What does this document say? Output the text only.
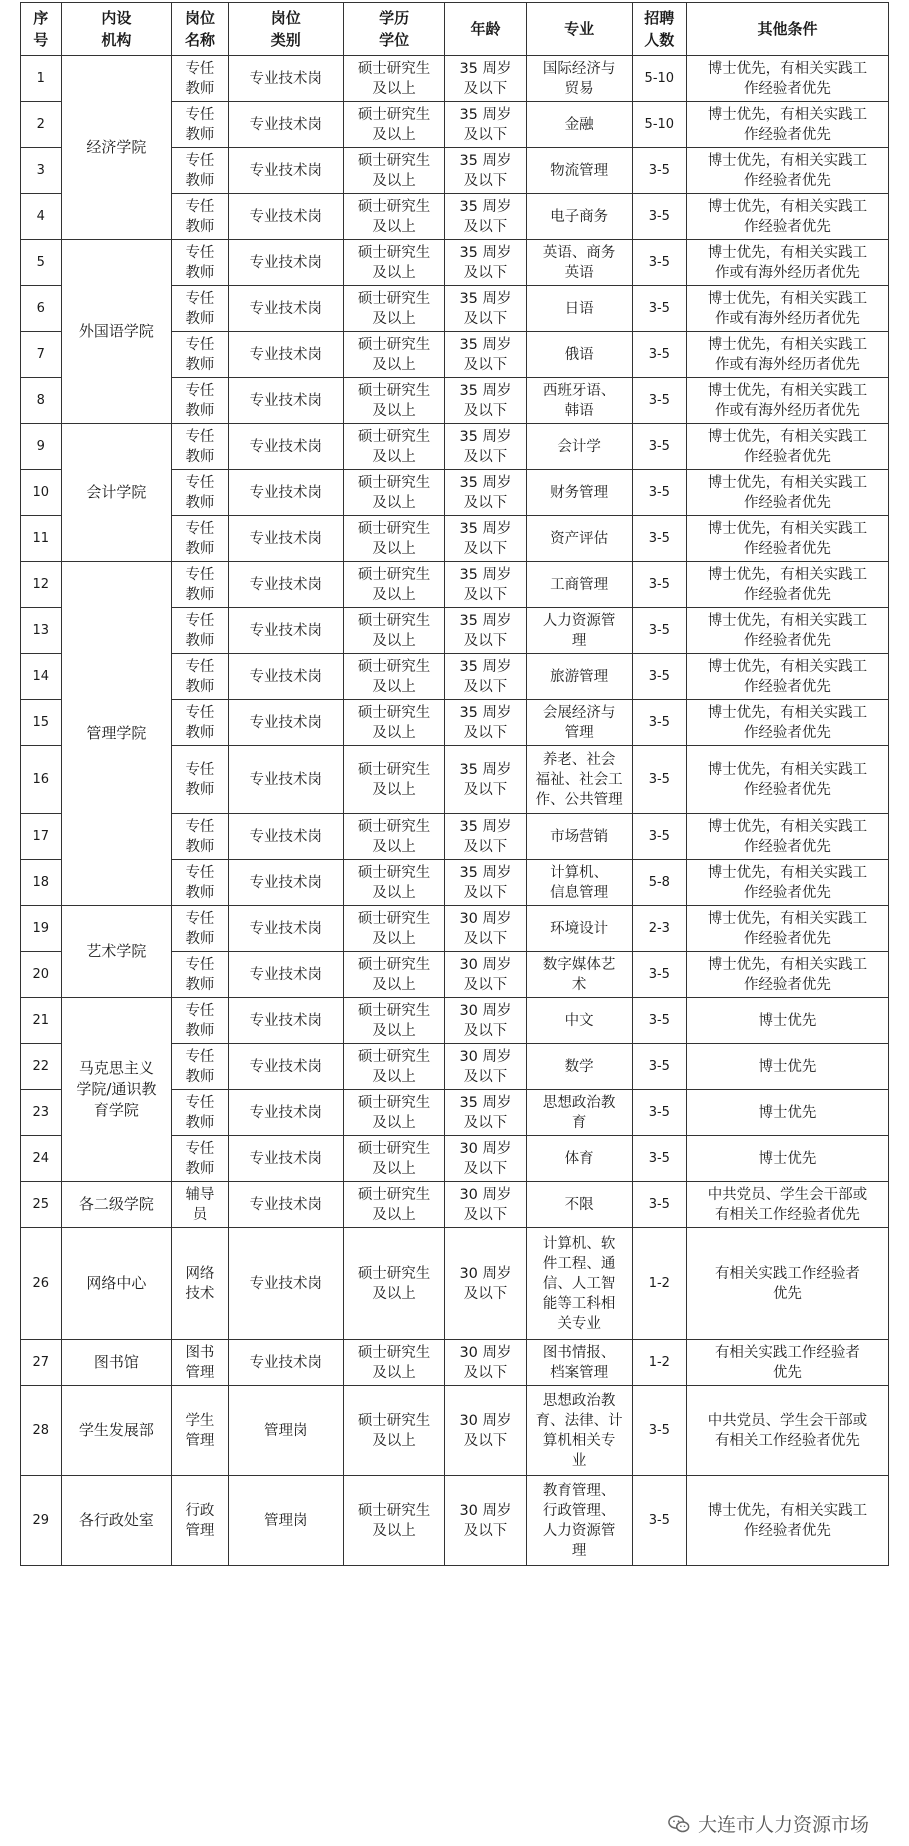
序
号	内设
机构	岗位
名称	岗位
类别	学历
学位	年龄	专业	招聘
人数	其他条件
1	经济学院	专任
教师	专业技术岗	硕士研究生
及以上	35 周岁
及以下	国际经济与
贸易	5-10	博士优先，有相关实践工
作经验者优先
2		专任
教师	专业技术岗	硕士研究生
及以上	35 周岁
及以下	金融	5-10	博士优先，有相关实践工
作经验者优先
3		专任
教师	专业技术岗	硕士研究生
及以上	35 周岁
及以下	物流管理	3-5	博士优先，有相关实践工
作经验者优先
4		专任
教师	专业技术岗	硕士研究生
及以上	35 周岁
及以下	电子商务	3-5	博士优先，有相关实践工
作经验者优先
5	外国语学院	专任
教师	专业技术岗	硕士研究生
及以上	35 周岁
及以下	英语、商务
英语	3-5	博士优先，有相关实践工
作或有海外经历者优先
6		专任
教师	专业技术岗	硕士研究生
及以上	35 周岁
及以下	日语	3-5	博士优先，有相关实践工
作或有海外经历者优先
7		专任
教师	专业技术岗	硕士研究生
及以上	35 周岁
及以下	俄语	3-5	博士优先，有相关实践工
作或有海外经历者优先
8		专任
教师	专业技术岗	硕士研究生
及以上	35 周岁
及以下	西班牙语、
韩语	3-5	博士优先，有相关实践工
作或有海外经历者优先
9	会计学院	专任
教师	专业技术岗	硕士研究生
及以上	35 周岁
及以下	会计学	3-5	博士优先，有相关实践工
作经验者优先
10		专任
教师	专业技术岗	硕士研究生
及以上	35 周岁
及以下	财务管理	3-5	博士优先，有相关实践工
作经验者优先
11		专任
教师	专业技术岗	硕士研究生
及以上	35 周岁
及以下	资产评估	3-5	博士优先，有相关实践工
作经验者优先
12	管理学院	专任
教师	专业技术岗	硕士研究生
及以上	35 周岁
及以下	工商管理	3-5	博士优先，有相关实践工
作经验者优先
13		专任
教师	专业技术岗	硕士研究生
及以上	35 周岁
及以下	人力资源管
理	3-5	博士优先，有相关实践工
作经验者优先
14		专任
教师	专业技术岗	硕士研究生
及以上	35 周岁
及以下	旅游管理	3-5	博士优先，有相关实践工
作经验者优先
15		专任
教师	专业技术岗	硕士研究生
及以上	35 周岁
及以下	会展经济与
管理	3-5	博士优先，有相关实践工
作经验者优先
16		专任
教师	专业技术岗	硕士研究生
及以上	35 周岁
及以下	养老、社会
福祉、社会工
作、公共管理	3-5	博士优先，有相关实践工
作经验者优先
17		专任
教师	专业技术岗	硕士研究生
及以上	35 周岁
及以下	市场营销	3-5	博士优先，有相关实践工
作经验者优先
18		专任
教师	专业技术岗	硕士研究生
及以上	35 周岁
及以下	计算机、
信息管理	5-8	博士优先，有相关实践工
作经验者优先
19	艺术学院	专任
教师	专业技术岗	硕士研究生
及以上	30 周岁
及以下	环境设计	2-3	博士优先，有相关实践工
作经验者优先
20		专任
教师	专业技术岗	硕士研究生
及以上	30 周岁
及以下	数字媒体艺
术	3-5	博士优先，有相关实践工
作经验者优先
21	马克思主义
学院/通识教
育学院	专任
教师	专业技术岗	硕士研究生
及以上	30 周岁
及以下	中文	3-5	博士优先
22		专任
教师	专业技术岗	硕士研究生
及以上	30 周岁
及以下	数学	3-5	博士优先
23		专任
教师	专业技术岗	硕士研究生
及以上	35 周岁
及以下	思想政治教
育	3-5	博士优先
24		专任
教师	专业技术岗	硕士研究生
及以上	30 周岁
及以下	体育	3-5	博士优先
25	各二级学院	辅导
员	专业技术岗	硕士研究生
及以上	30 周岁
及以下	不限	3-5	中共党员、学生会干部或
有相关工作经验者优先
26	网络中心	网络
技术	专业技术岗	硕士研究生
及以上	30 周岁
及以下	计算机、软
件工程、通
信、人工智
能等工科相
关专业	1-2	有相关实践工作经验者
优先
27	图书馆	图书
管理	专业技术岗	硕士研究生
及以上	30 周岁
及以下	图书情报、
档案管理	1-2	有相关实践工作经验者
优先
28	学生发展部	学生
管理	管理岗	硕士研究生
及以上	30 周岁
及以下	思想政治教
育、法律、计
算机相关专
业	3-5	中共党员、学生会干部或
有相关工作经验者优先
29	各行政处室	行政
管理	管理岗	硕士研究生
及以上	30 周岁
及以下	教育管理、
行政管理、
人力资源管
理	3-5	博士优先，有相关实践工
作经验者优先

大连市人力资源市场
